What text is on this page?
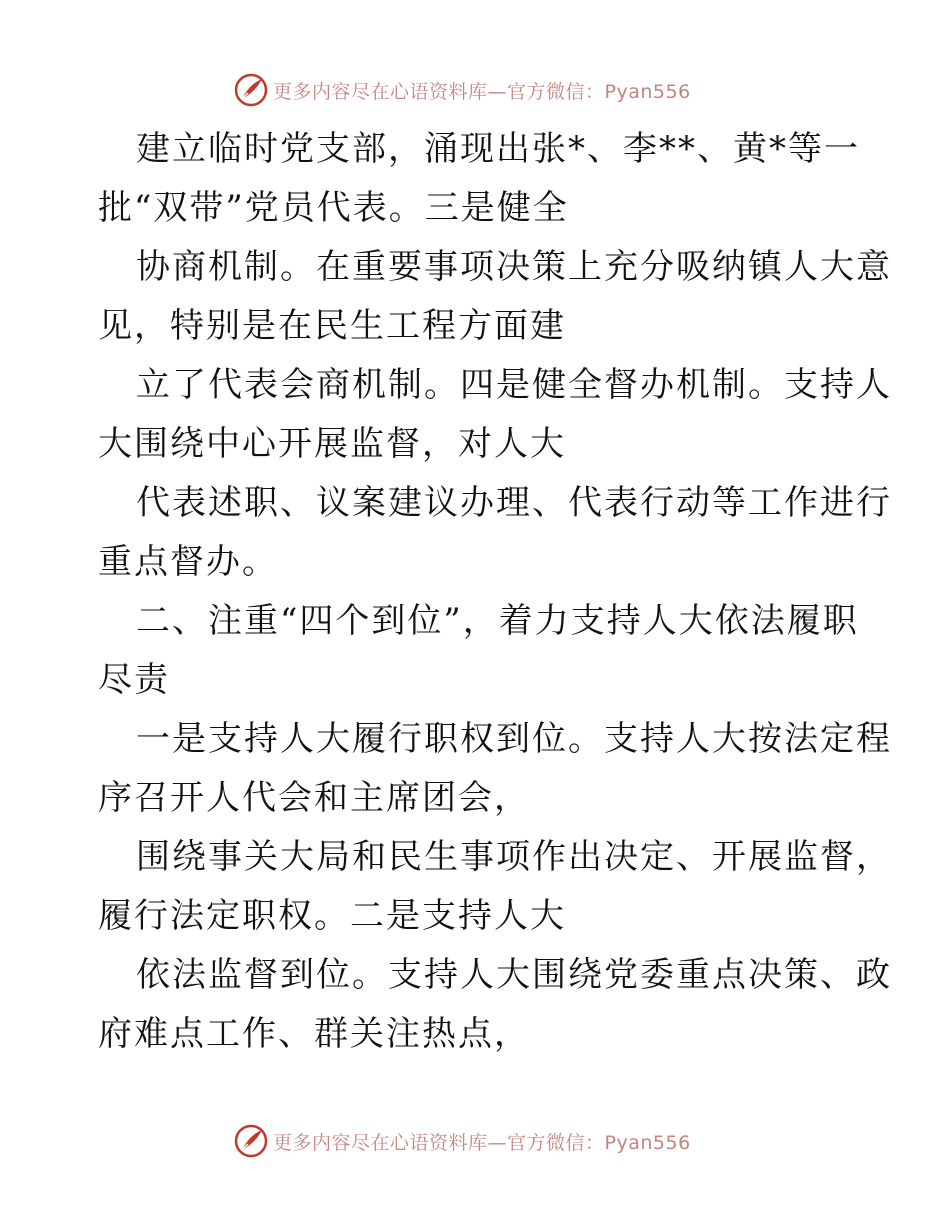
更多内容尽在心语资料库—官方微信：Pyan556
建立临时党支部，涌现出张*、李**、黄*等一
批“双带”党员代表。三是健全
协商机制。在重要事项决策上充分吸纳镇人大意
见，特别是在民生工程方面建
立了代表会商机制。四是健全督办机制。支持人
大围绕中心开展监督，对人大
代表述职、议案建议办理、代表行动等工作进行
重点督办。
二、注重“四个到位”，着力支持人大依法履职
尽责
一是支持人大履行职权到位。支持人大按法定程
序召开人代会和主席团会，
围绕事关大局和民生事项作出决定、开展监督，
履行法定职权。二是支持人大
依法监督到位。支持人大围绕党委重点决策、政
府难点工作、群关注热点，
更多内容尽在心语资料库—官方微信：Pyan556
